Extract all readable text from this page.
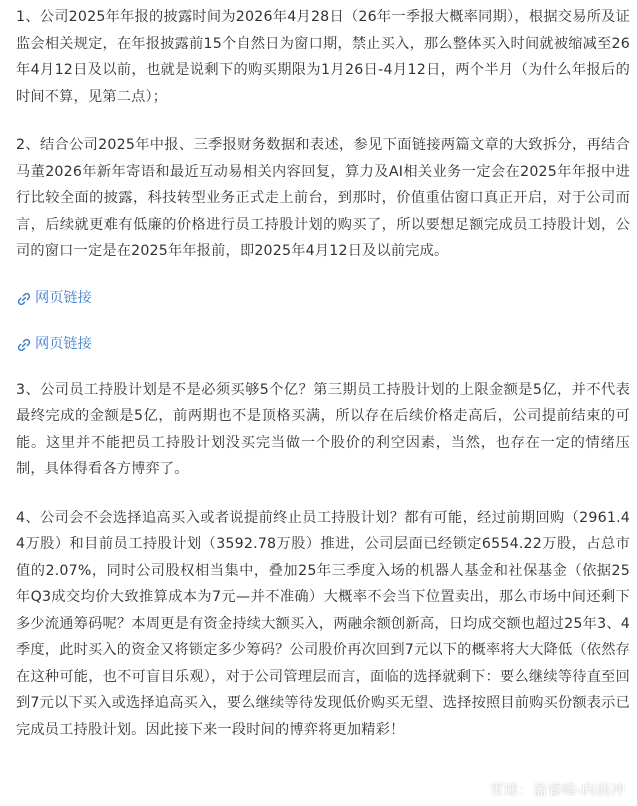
1、公司2025年年报的披露时间为2026年4月28日（26年一季报大概率同期），根据交易所及证监会相关规定，在年报披露前15个自然日为窗口期，禁止买入，那么整体买入时间就被缩减至26年4月12日及以前，也就是说剩下的购买期限为1月26日-4月12日，两个半月（为什么年报后的时间不算，见第二点）；

2、结合公司2025年中报、三季报财务数据和表述，参见下面链接两篇文章的大致拆分，再结合马董2026年新年寄语和最近互动易相关内容回复，算力及AI相关业务一定会在2025年年报中进行比较全面的披露，科技转型业务正式走上前台，到那时，价值重估窗口真正开启，对于公司而言，后续就更难有低廉的价格进行员工持股计划的购买了，所以要想足额完成员工持股计划，公司的窗口一定是在2025年年报前，即2025年4月12日及以前完成。

网页链接
网页链接

3、公司员工持股计划是不是必须买够5个亿？第三期员工持股计划的上限金额是5亿，并不代表最终完成的金额是5亿，前两期也不是顶格买满，所以存在后续价格走高后，公司提前结束的可能。这里并不能把员工持股计划没买完当做一个股价的利空因素，当然，也存在一定的情绪压制，具体得看各方博弈了。

4、公司会不会选择追高买入或者说提前终止员工持股计划？都有可能，经过前期回购（2961.44万股）和目前员工持股计划（3592.78万股）推进，公司层面已经锁定6554.22万股，占总市值的2.07%，同时公司股权相当集中，叠加25年三季度入场的机器人基金和社保基金（依据25年Q3成交均价大致推算成本为7元—并不准确）大概率不会当下位置卖出，那么市场中间还剩下多少流通筹码呢？本周更是有资金持续大额买入，两融余额创新高，日均成交额也超过25年3、4季度，此时买入的资金又将锁定多少筹码？公司股价再次回到7元以下的概率将大大降低（依然存在这种可能，也不可盲目乐观），对于公司管理层而言，面临的选择就剩下：要么继续等待直至回到7元以下买入或选择追高买入，要么继续等待发现低价购买无望、选择按照目前购买份额表示已完成员工持股计划。因此接下来一段时间的博弈将更加精彩！

雪球：盈睿峰-向前冲
